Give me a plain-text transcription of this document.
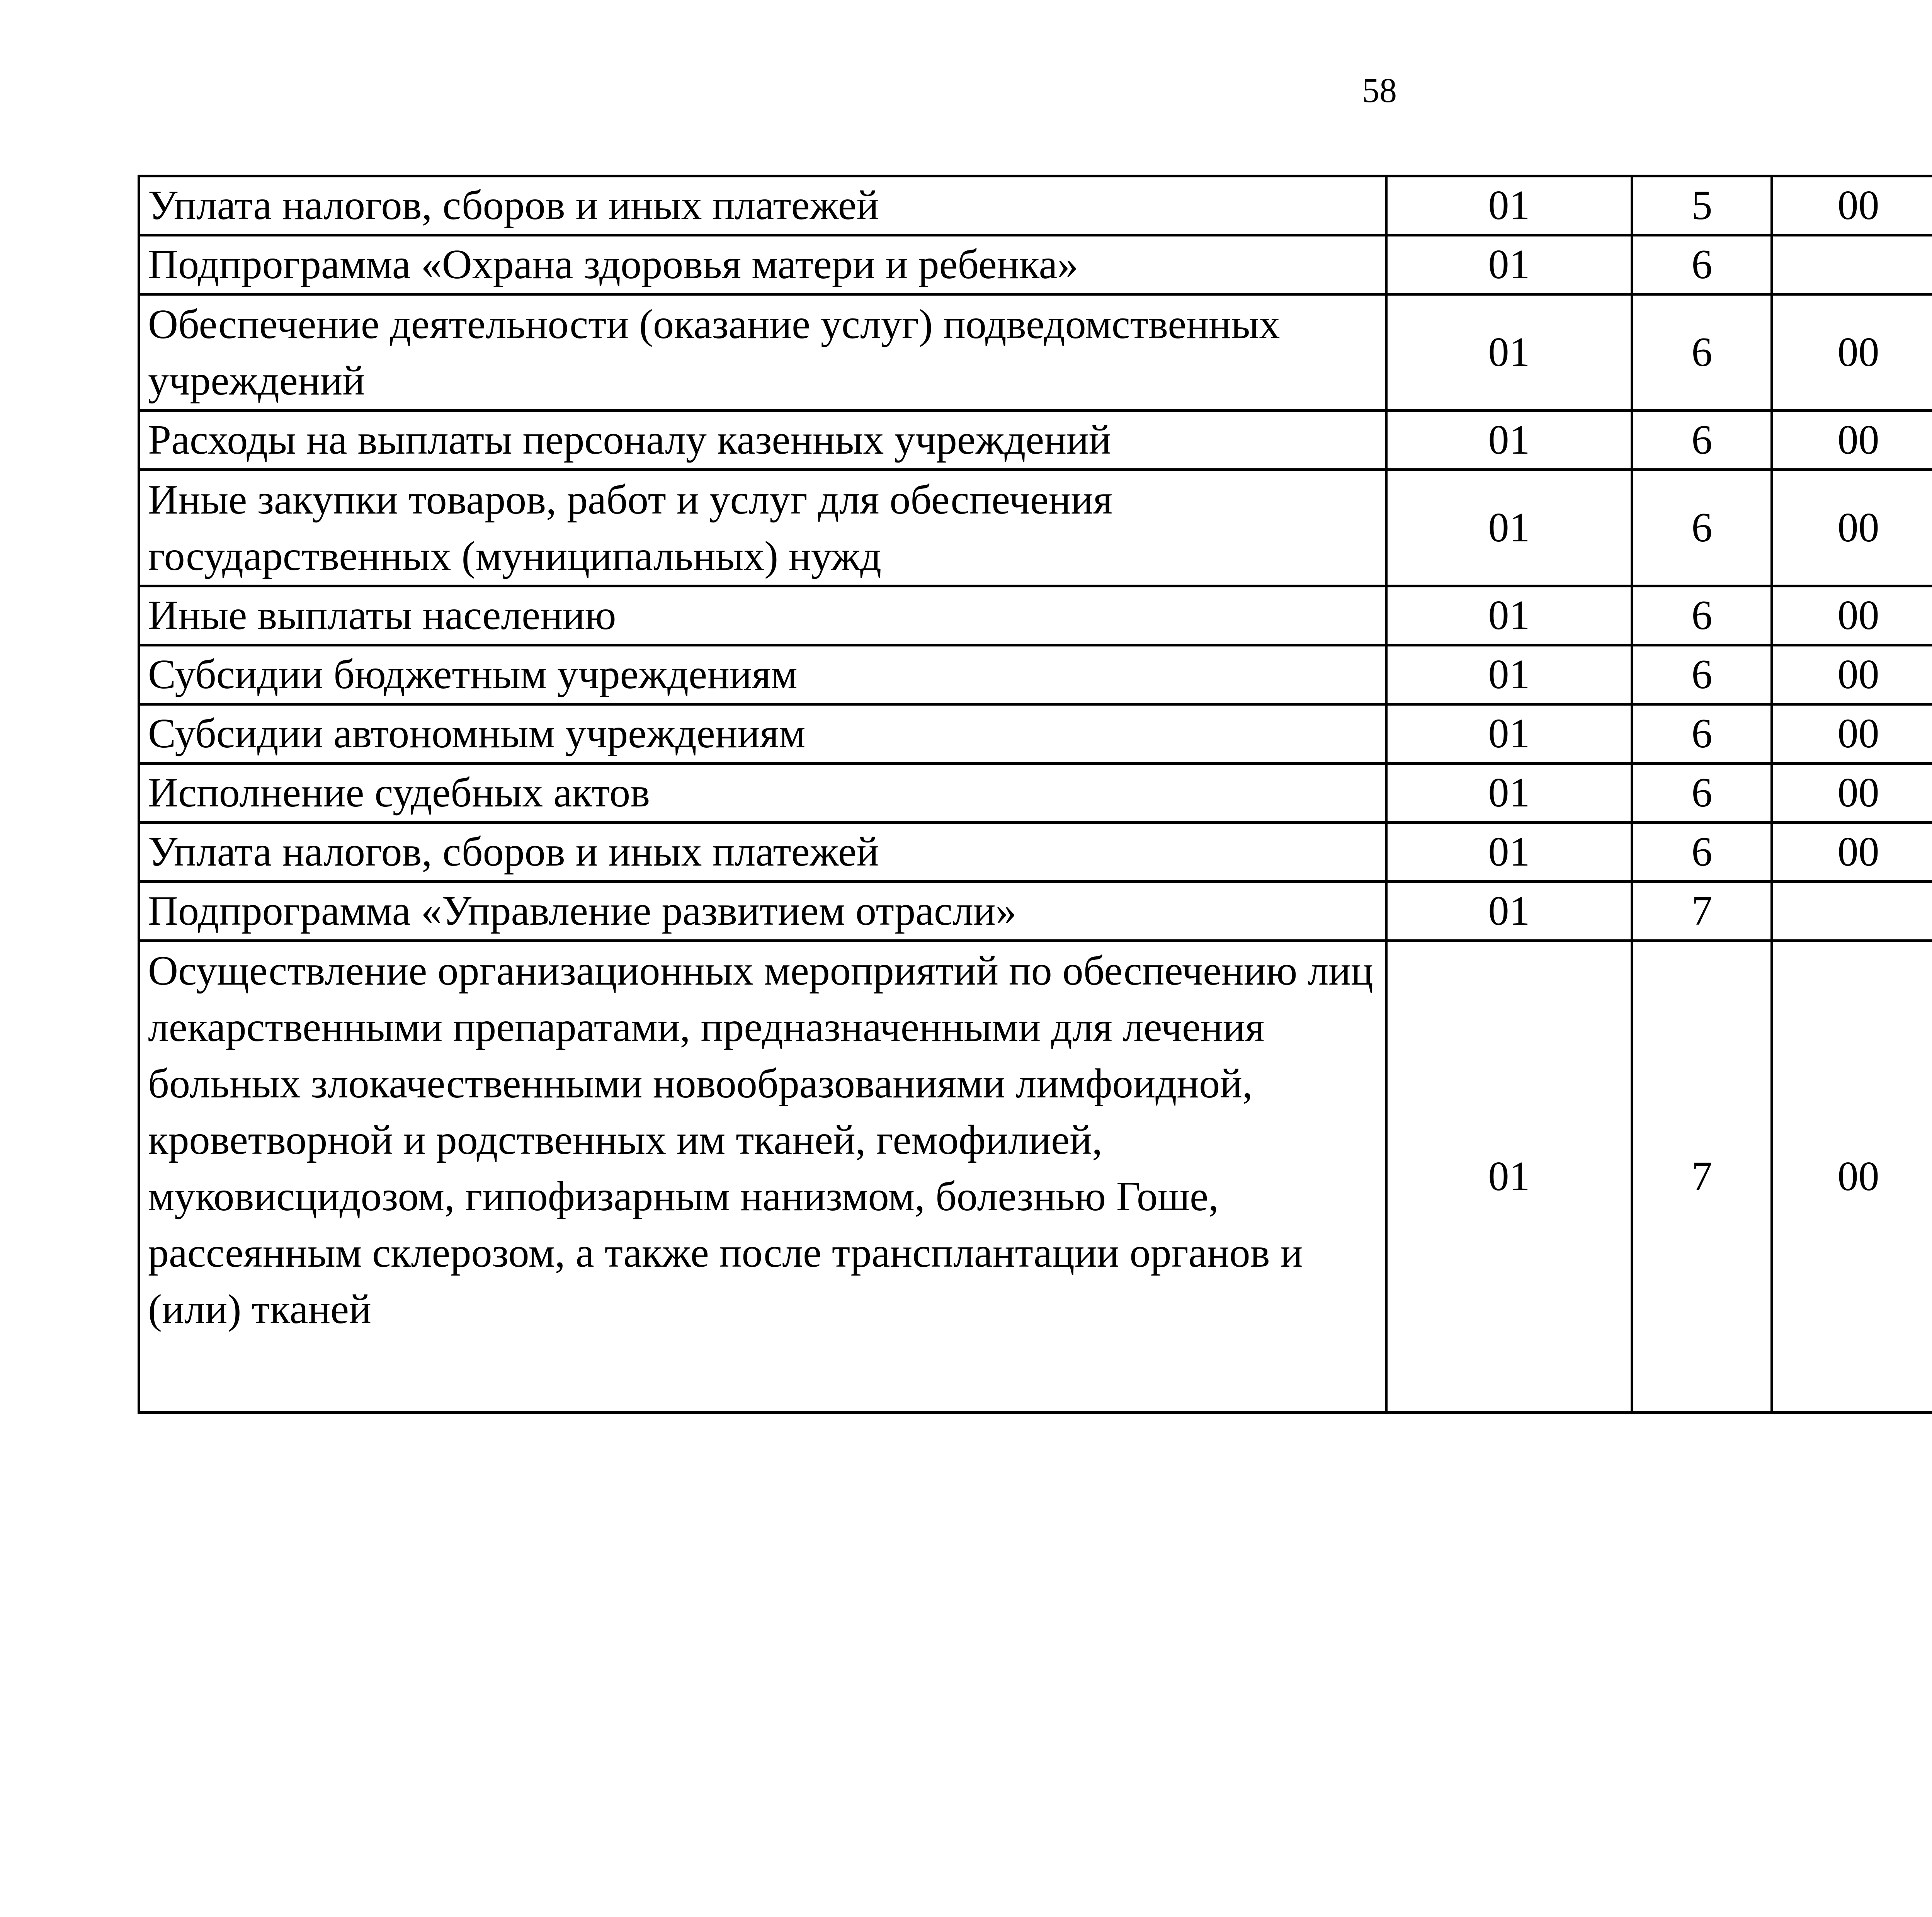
58
Уплата налогов, сборов и иных платежей	01	5	00			
Подпрограмма «Охрана здоровья матери и ребенка»	01	6				
Обеспечение деятельности (оказание услуг) подведомственных учреждений	01	6	00			
Расходы на выплаты персоналу казенных учреждений	01	6	00			
Иные закупки товаров, работ и услуг для обеспечения государственных (муниципальных) нужд	01	6	00			
Иные выплаты населению	01	6	00			
Субсидии бюджетным учреждениям	01	6	00			
Субсидии автономным учреждениям	01	6	00			
Исполнение судебных актов	01	6	00			
Уплата налогов, сборов и иных платежей	01	6	00			
Подпрограмма «Управление развитием отрасли»	01	7				
Осуществление организационных мероприятий по обеспечению лиц лекарственными препаратами, предназначенными для лечения больных злокачественными новообразованиями лимфоидной, кроветворной и родственных им тканей, гемофилией, муковисцидозом, гипофизарным нанизмом, болезнью Гоше, рассеянным склерозом, а также после трансплантации органов и (или) тканей	01	7	00			
